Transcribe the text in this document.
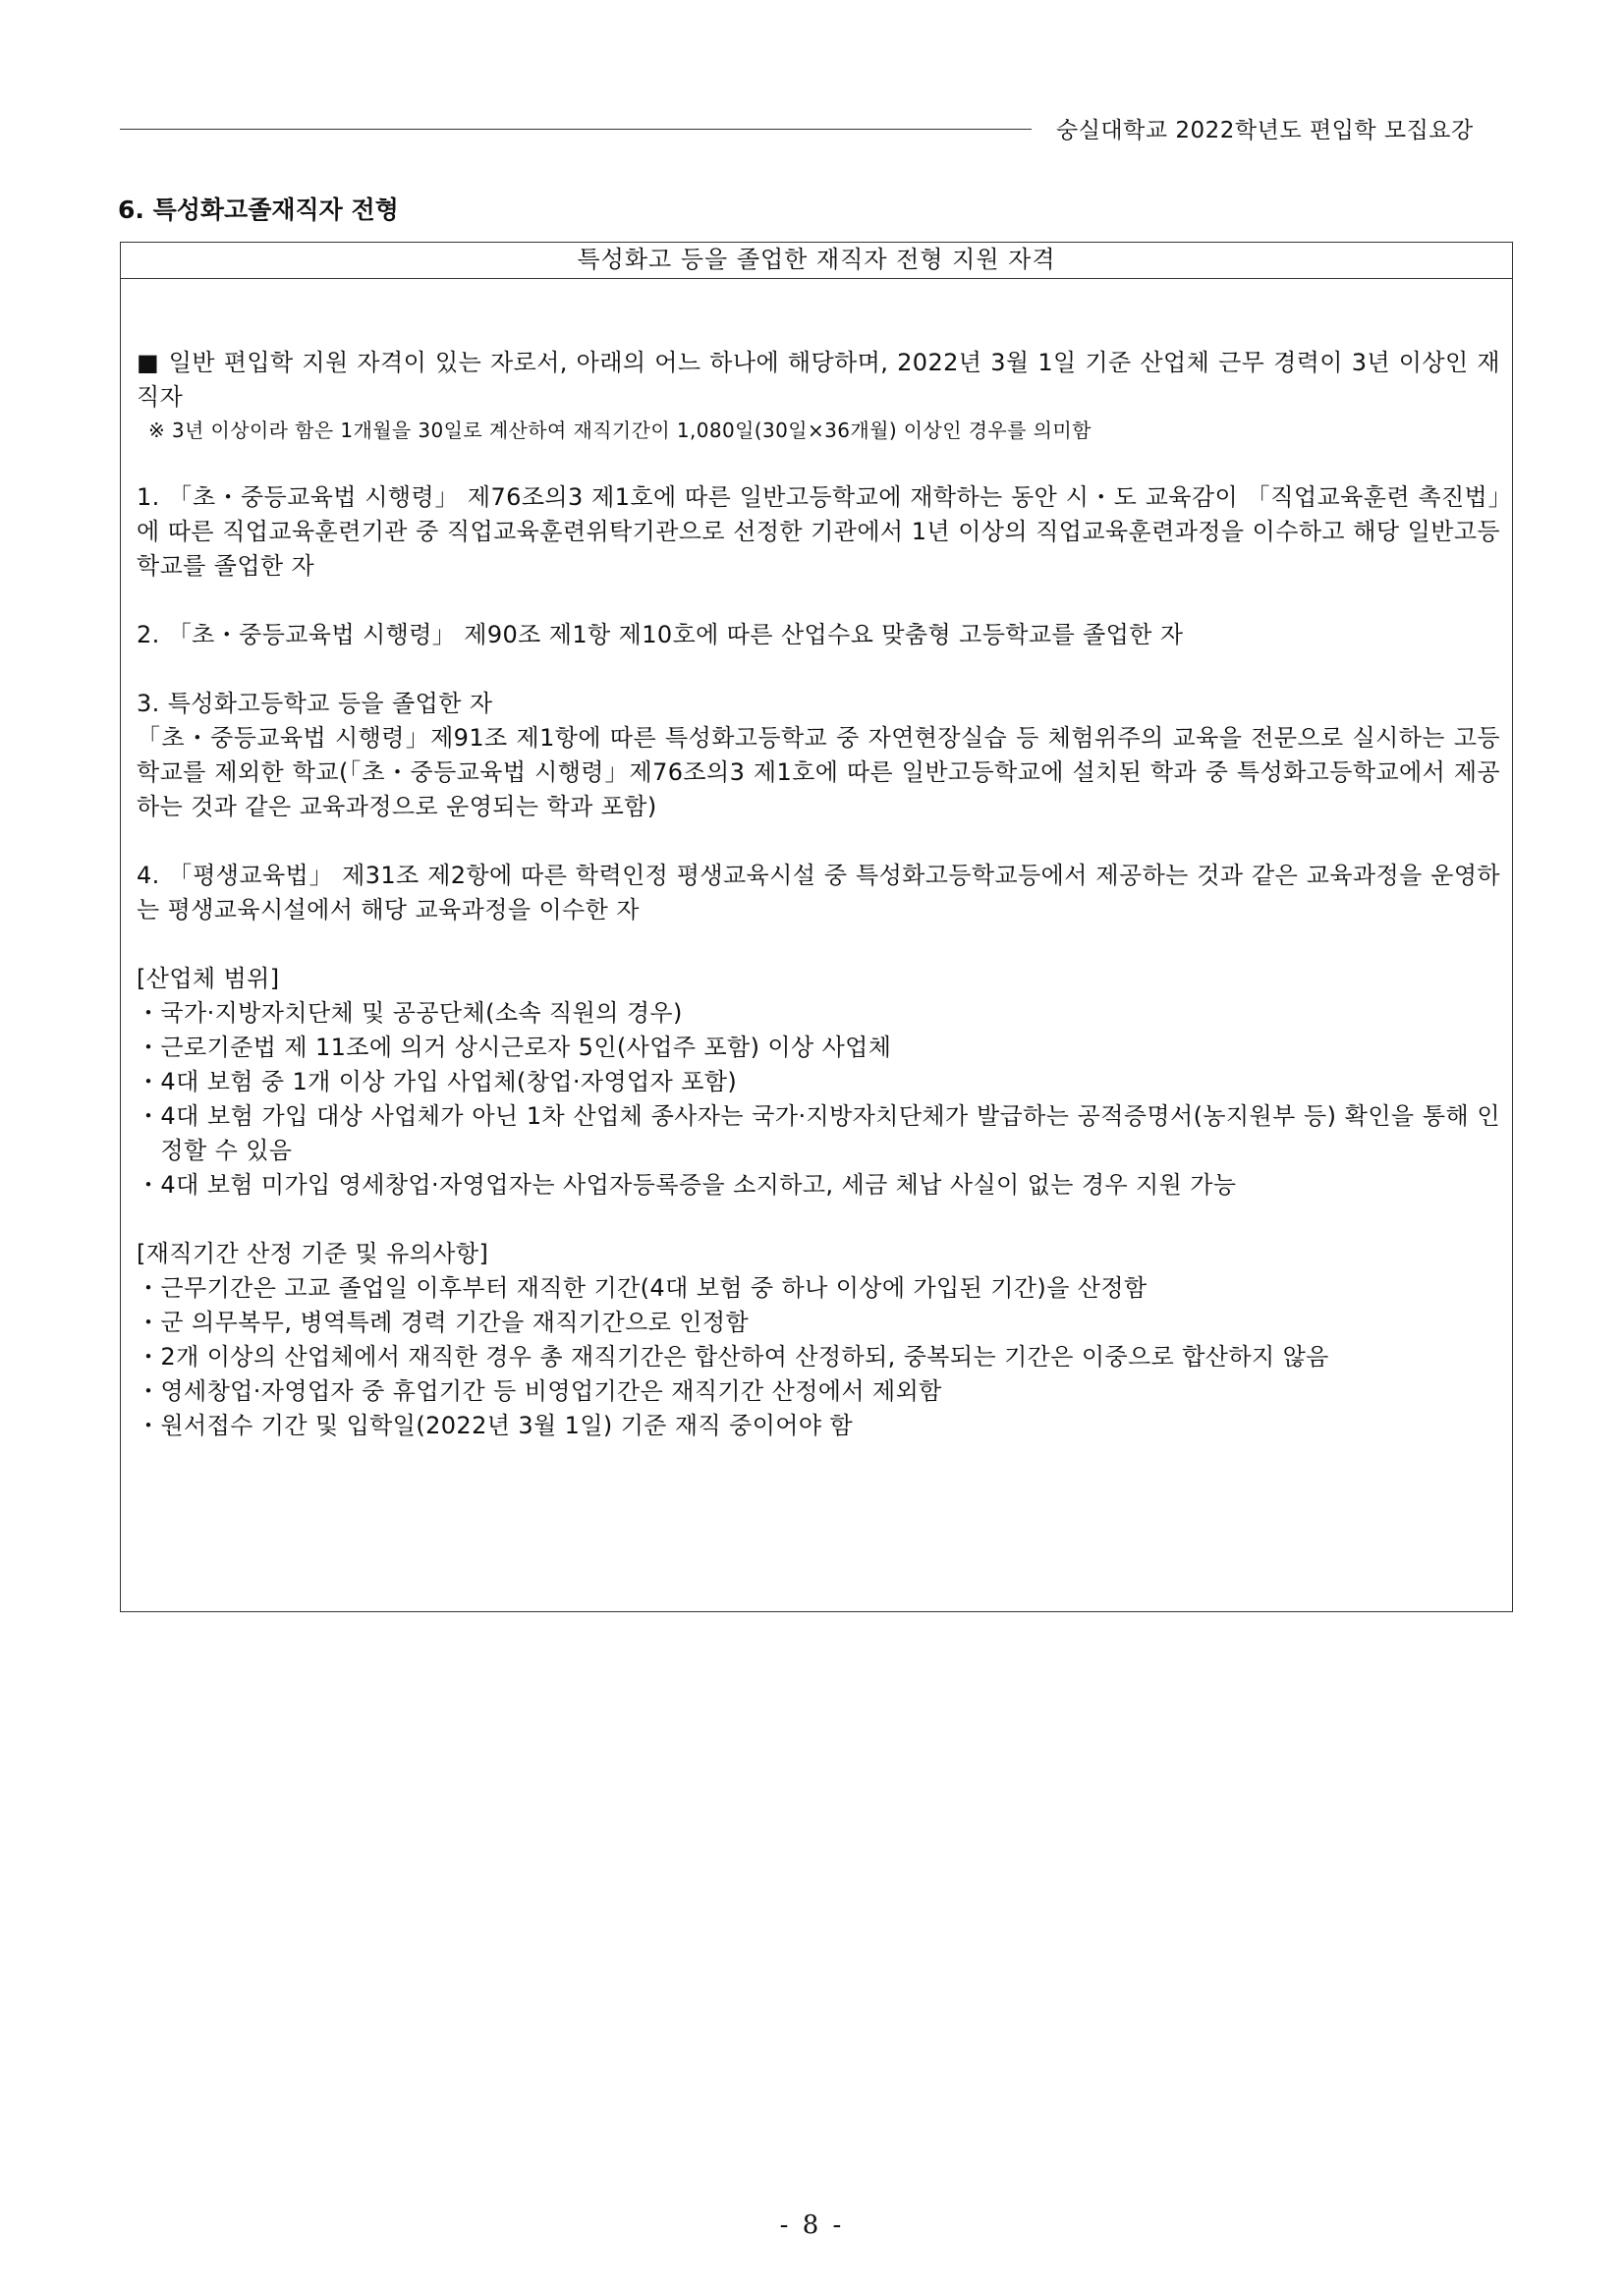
숭실대학교 2022학년도 편입학 모집요강
6. 특성화고졸재직자 전형
특성화고 등을 졸업한 재직자 전형 지원 자격
■ 일반 편입학 지원 자격이 있는 자로서, 아래의 어느 하나에 해당하며, 2022년 3월 1일 기준 산업체 근무 경력이 3년 이상인 재직자
※ 3년 이상이라 함은 1개월을 30일로 계산하여 재직기간이 1,080일(30일×36개월) 이상인 경우를 의미함
1. 「초・중등교육법 시행령」 제76조의3 제1호에 따른 일반고등학교에 재학하는 동안 시・도 교육감이 「직업교육훈련 촉진법」에 따른 직업교육훈련기관 중 직업교육훈련위탁기관으로 선정한 기관에서 1년 이상의 직업교육훈련과정을 이수하고 해당 일반고등학교를 졸업한 자
2. 「초・중등교육법 시행령」 제90조 제1항 제10호에 따른 산업수요 맞춤형 고등학교를 졸업한 자
3. 특성화고등학교 등을 졸업한 자
「초・중등교육법 시행령」제91조 제1항에 따른 특성화고등학교 중 자연현장실습 등 체험위주의 교육을 전문으로 실시하는 고등학교를 제외한 학교(「초・중등교육법 시행령」제76조의3 제1호에 따른 일반고등학교에 설치된 학과 중 특성화고등학교에서 제공하는 것과 같은 교육과정으로 운영되는 학과 포함)
4. 「평생교육법」 제31조 제2항에 따른 학력인정 평생교육시설 중 특성화고등학교등에서 제공하는 것과 같은 교육과정을 운영하는 평생교육시설에서 해당 교육과정을 이수한 자
[산업체 범위]
・ 국가·지방자치단체 및 공공단체(소속 직원의 경우)
・ 근로기준법 제 11조에 의거 상시근로자 5인(사업주 포함) 이상 사업체
・ 4대 보험 중 1개 이상 가입 사업체(창업·자영업자 포함)
・ 4대 보험 가입 대상 사업체가 아닌 1차 산업체 종사자는 국가·지방자치단체가 발급하는 공적증명서(농지원부 등) 확인을 통해 인정할 수 있음
・ 4대 보험 미가입 영세창업·자영업자는 사업자등록증을 소지하고, 세금 체납 사실이 없는 경우 지원 가능
[재직기간 산정 기준 및 유의사항]
・ 근무기간은 고교 졸업일 이후부터 재직한 기간(4대 보험 중 하나 이상에 가입된 기간)을 산정함
・ 군 의무복무, 병역특례 경력 기간을 재직기간으로 인정함
・ 2개 이상의 산업체에서 재직한 경우 총 재직기간은 합산하여 산정하되, 중복되는 기간은 이중으로 합산하지 않음
・ 영세창업·자영업자 중 휴업기간 등 비영업기간은 재직기간 산정에서 제외함
・ 원서접수 기간 및 입학일(2022년 3월 1일) 기준 재직 중이어야 함
- 8 -
